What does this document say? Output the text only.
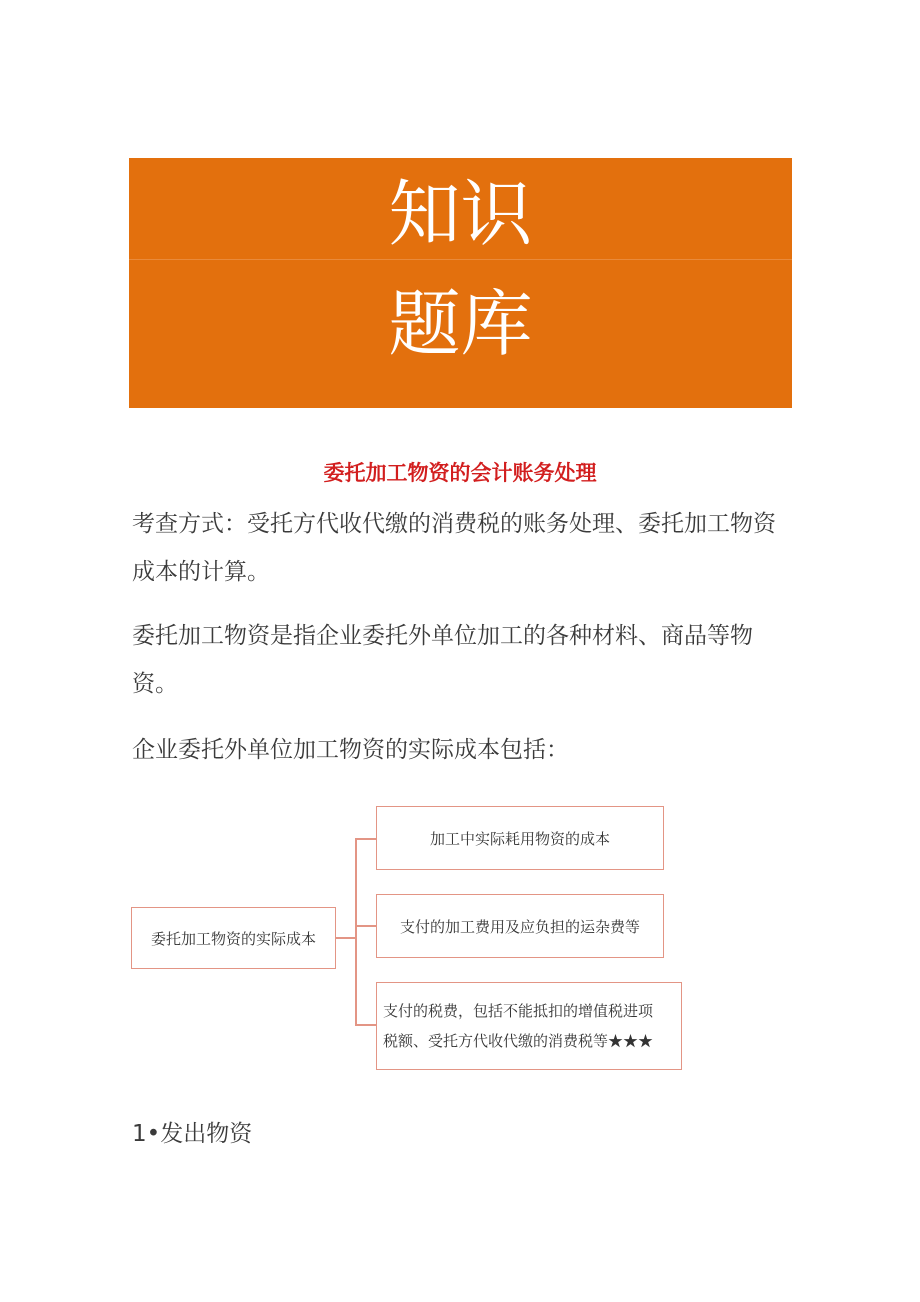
知识
题库
委托加工物资的会计账务处理
考查方式：受托方代收代缴的消费税的账务处理、委托加工物资成本的计算。
委托加工物资是指企业委托外单位加工的各种材料、商品等物资。
企业委托外单位加工物资的实际成本包括：
委托加工物资的实际成本
加工中实际耗用物资的成本
支付的加工费用及应负担的运杂费等
支付的税费，包括不能抵扣的增值税进项
税额、受托方代收代缴的消费税等★★★
1•发出物资
